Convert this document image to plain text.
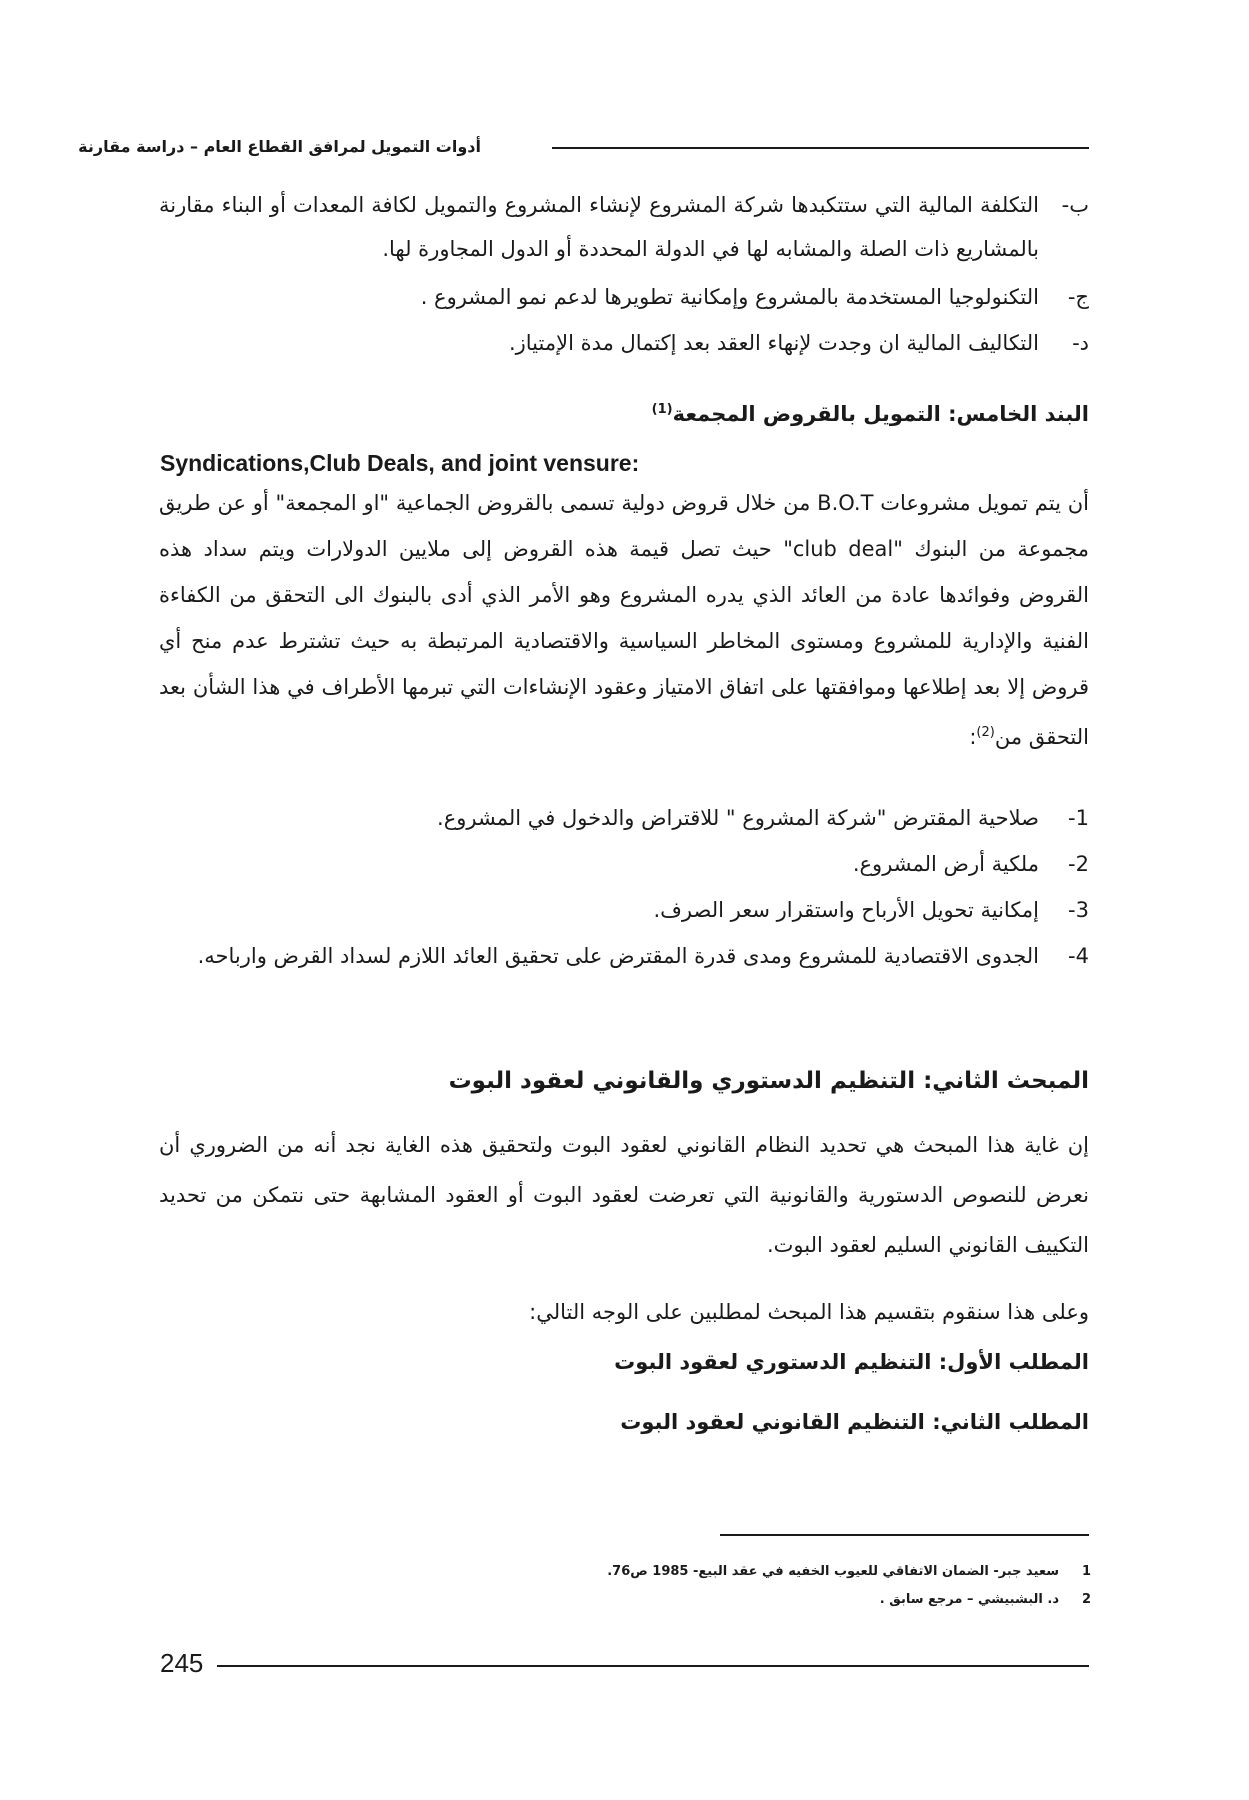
أدوات التمويل لمرافق القطاع العام – دراسة مقارنة
ب-
التكلفة المالية التي ستتكبدها شركة المشروع لإنشاء المشروع والتمويل لكافة المعدات أو البناء مقارنة بالمشاريع ذات الصلة والمشابه لها في الدولة المحددة أو الدول المجاورة لها.
ج-
التكنولوجيا المستخدمة بالمشروع وإمكانية تطويرها لدعم نمو المشروع .
د-
التكاليف المالية ان وجدت لإنهاء العقد بعد إكتمال مدة الإمتياز.
البند الخامس: التمويل بالقروض المجمعة$^{(1)}$
Syndications,Club Deals, and joint vensure:
أن يتم تمويل مشروعات B.O.T من خلال قروض دولية تسمى بالقروض الجماعية "او المجمعة" أو عن طريق مجموعة من البنوك "club deal" حيث تصل قيمة هذه القروض إلى ملايين الدولارات ويتم سداد هذه القروض وفوائدها عادة من العائد الذي يدره المشروع وهو الأمر الذي أدى بالبنوك الى التحقق من الكفاءة الفنية والإدارية للمشروع ومستوى المخاطر السياسية والاقتصادية المرتبطة به حيث تشترط عدم منح أي قروض إلا بعد إطلاعها وموافقتها على اتفاق الامتياز وعقود الإنشاءات التي تبرمها الأطراف في هذا الشأن بعد التحقق من$^{(2)}$:
1-
صلاحية المقترض "شركة المشروع " للاقتراض والدخول في المشروع.
2-
ملكية أرض المشروع.
3-
إمكانية تحويل الأرباح واستقرار سعر الصرف.
4-
الجدوى الاقتصادية للمشروع ومدى قدرة المقترض على تحقيق العائد اللازم لسداد القرض وارباحه.
المبحث الثاني: التنظيم الدستوري والقانوني لعقود البوت
إن غاية هذا المبحث هي تحديد النظام القانوني لعقود البوت ولتحقيق هذه الغاية نجد أنه من الضروري أن نعرض للنصوص الدستورية والقانونية التي تعرضت لعقود البوت أو العقود المشابهة حتى نتمكن من تحديد التكييف القانوني السليم لعقود البوت.
وعلى هذا سنقوم بتقسيم هذا المبحث لمطلبين على الوجه التالي:
المطلب الأول: التنظيم الدستوري لعقود البوت
المطلب الثاني: التنظيم القانوني لعقود البوت
1سعيد جبر- الضمان الاتفاقي للعيوب الخفيه في عقد البيع- 1985 ص76.
2د. البشبيشي – مرجع سابق .
245
